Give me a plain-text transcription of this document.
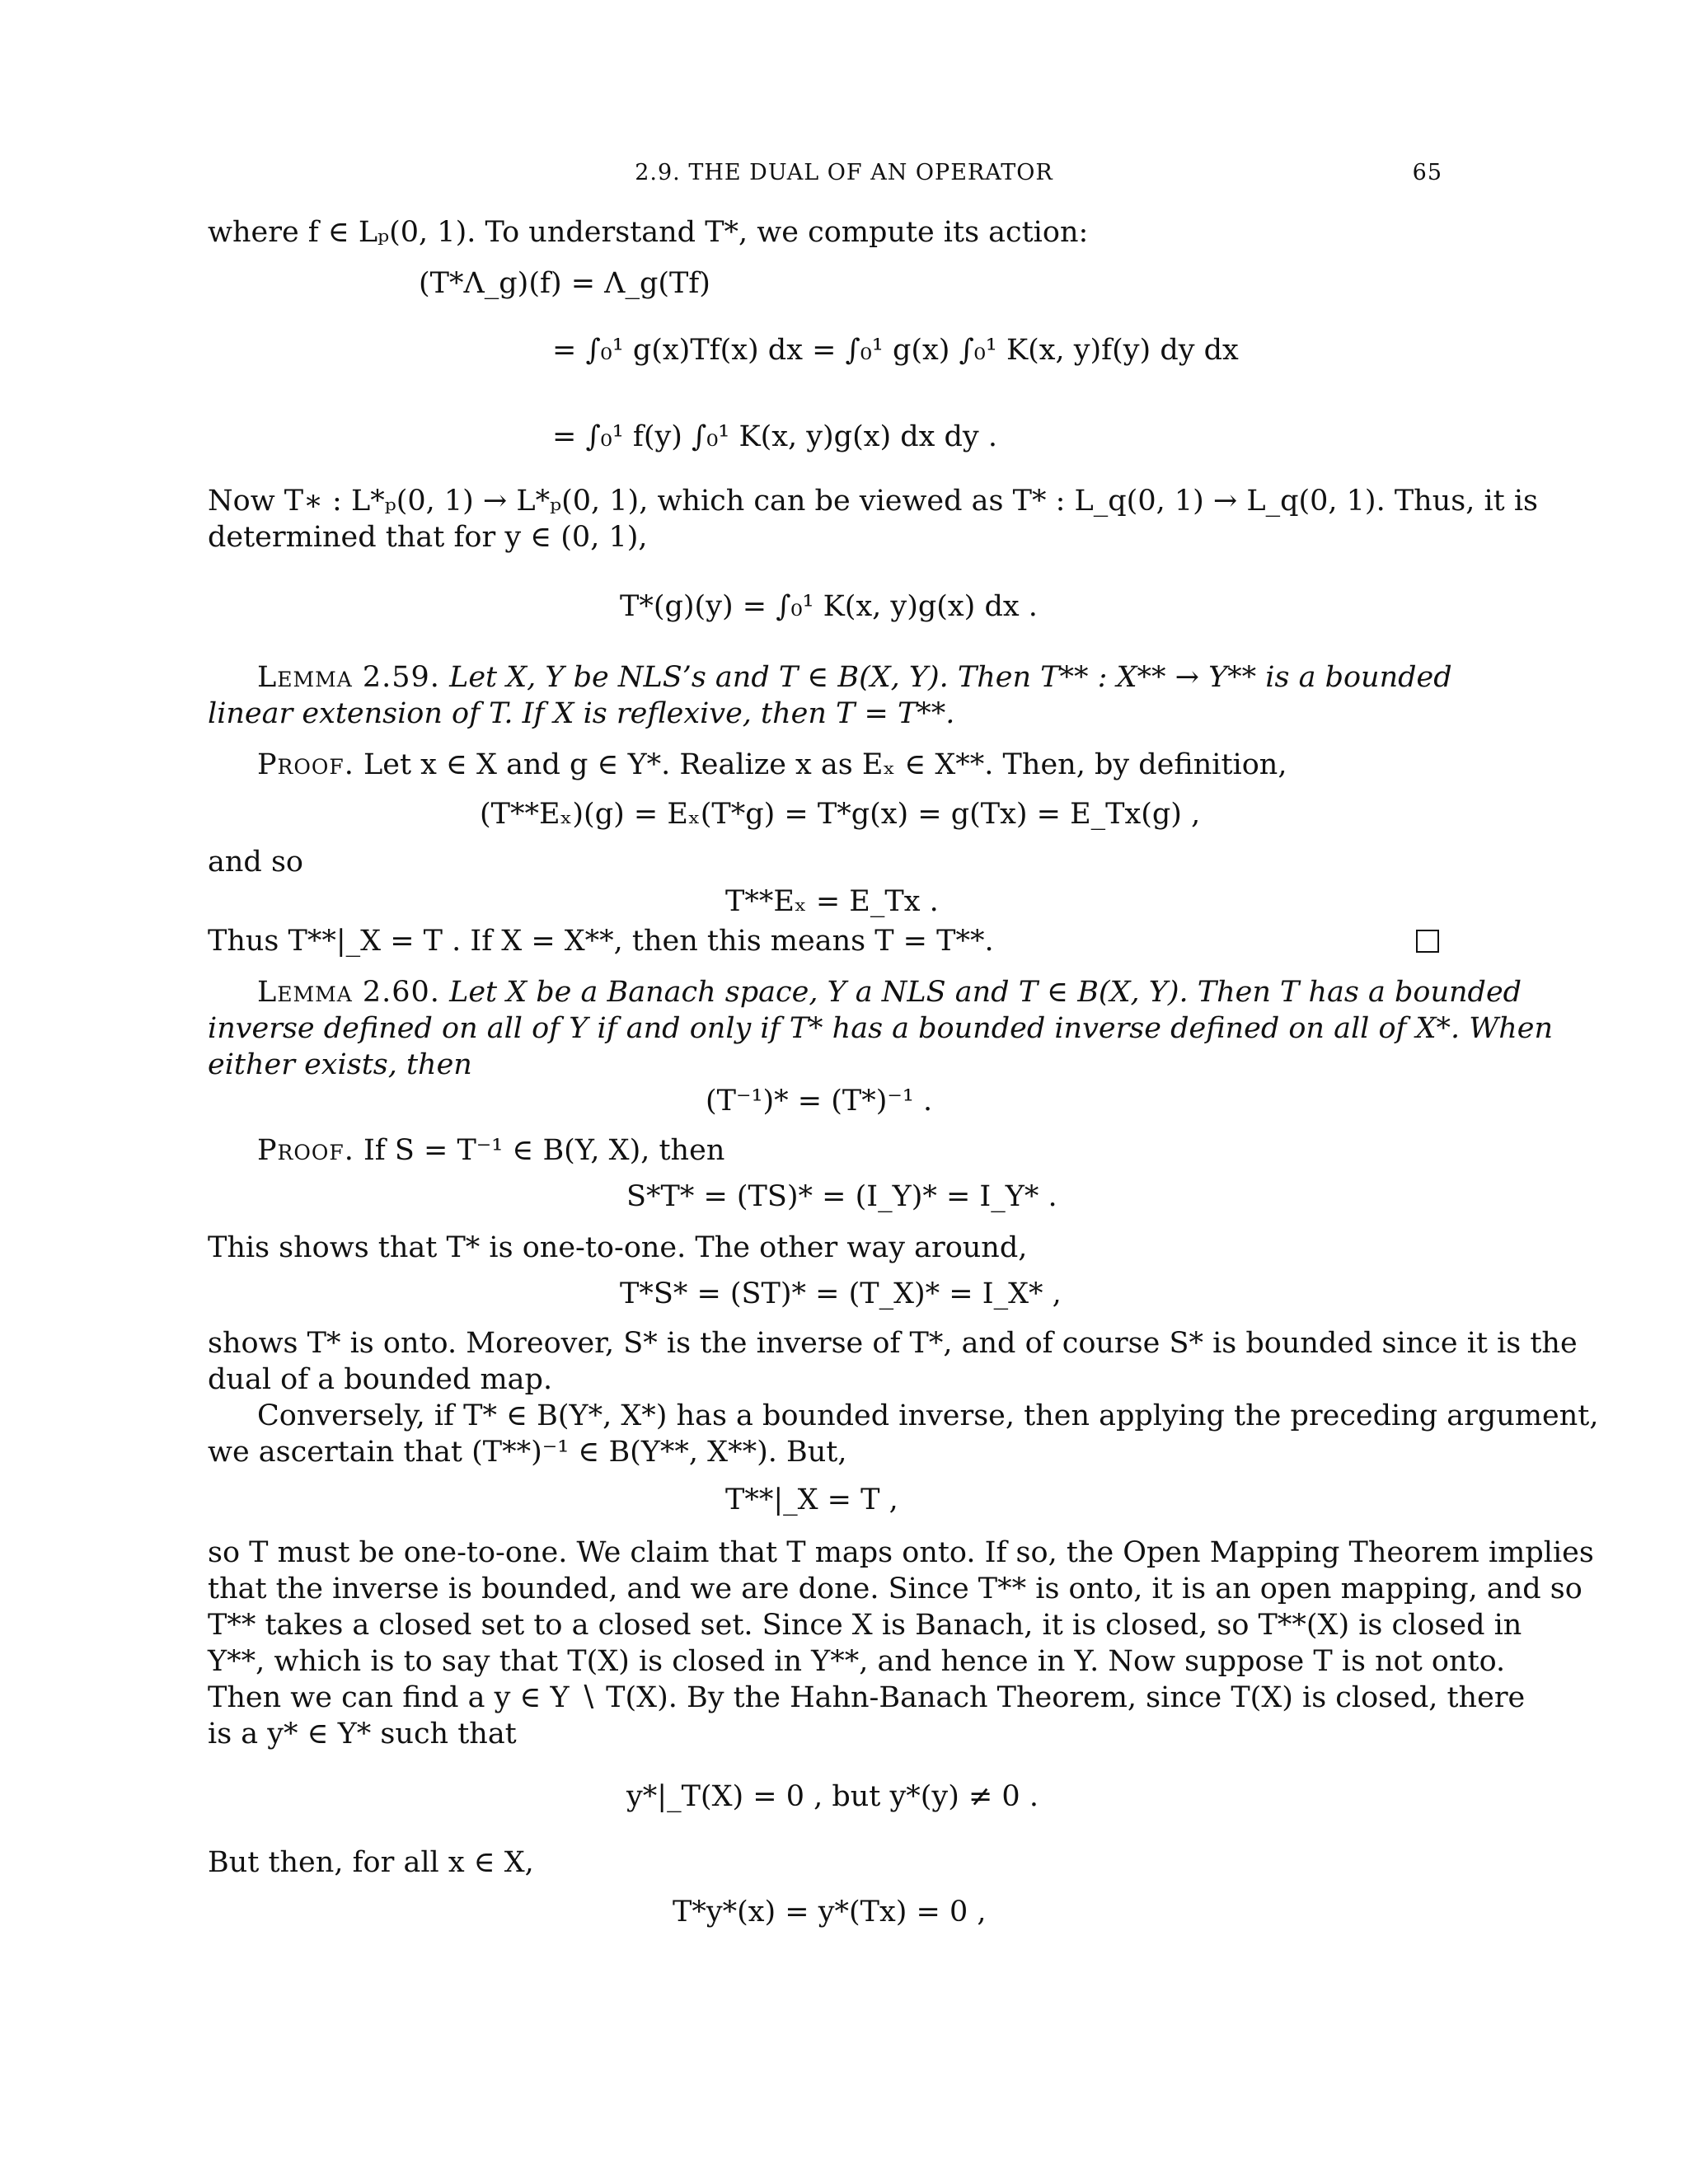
2.9. THE DUAL OF AN OPERATOR	65
where f ∈ Lₚ(0, 1). To understand T*, we compute its action:
(T*Λ_g)(f) = Λ_g(Tf)
= ∫₀¹ g(x)Tf(x) dx = ∫₀¹ g(x) ∫₀¹ K(x, y)f(y) dy dx
= ∫₀¹ f(y) ∫₀¹ K(x, y)g(x) dx dy .
Now T∗ : L*ₚ(0, 1) → L*ₚ(0, 1), which can be viewed as T* : L_q(0, 1) → L_q(0, 1). Thus, it is
determined that for y ∈ (0, 1),
T*(g)(y) = ∫₀¹ K(x, y)g(x) dx .
Lemma 2.59. Let X, Y be NLS’s and T ∈ B(X, Y). Then T** : X** → Y** is a bounded
linear extension of T. If X is reflexive, then T = T**.
Proof. Let x ∈ X and g ∈ Y*. Realize x as Eₓ ∈ X**. Then, by definition,
(T**Eₓ)(g) = Eₓ(T*g) = T*g(x) = g(Tx) = E_Tx(g) ,
and so
T**Eₓ = E_Tx .
Thus T**|_X = T . If X = X**, then this means T = T**.
Lemma 2.60. Let X be a Banach space, Y a NLS and T ∈ B(X, Y). Then T has a bounded
inverse defined on all of Y if and only if T* has a bounded inverse defined on all of X*. When
either exists, then
(T⁻¹)* = (T*)⁻¹ .
Proof. If S = T⁻¹ ∈ B(Y, X), then
S*T* = (TS)* = (I_Y)* = I_Y* .
This shows that T* is one-to-one. The other way around,
T*S* = (ST)* = (T_X)* = I_X* ,
shows T* is onto. Moreover, S* is the inverse of T*, and of course S* is bounded since it is the
dual of a bounded map.
Conversely, if T* ∈ B(Y*, X*) has a bounded inverse, then applying the preceding argument,
we ascertain that (T**)⁻¹ ∈ B(Y**, X**). But,
T**|_X = T ,
so T must be one-to-one. We claim that T maps onto. If so, the Open Mapping Theorem implies
that the inverse is bounded, and we are done. Since T** is onto, it is an open mapping, and so
T** takes a closed set to a closed set. Since X is Banach, it is closed, so T**(X) is closed in
Y**, which is to say that T(X) is closed in Y**, and hence in Y. Now suppose T is not onto.
Then we can find a y ∈ Y ∖ T(X). By the Hahn-Banach Theorem, since T(X) is closed, there
is a y* ∈ Y* such that
y*|_T(X) = 0 , but y*(y) ≠ 0 .
But then, for all x ∈ X,
T*y*(x) = y*(Tx) = 0 ,
